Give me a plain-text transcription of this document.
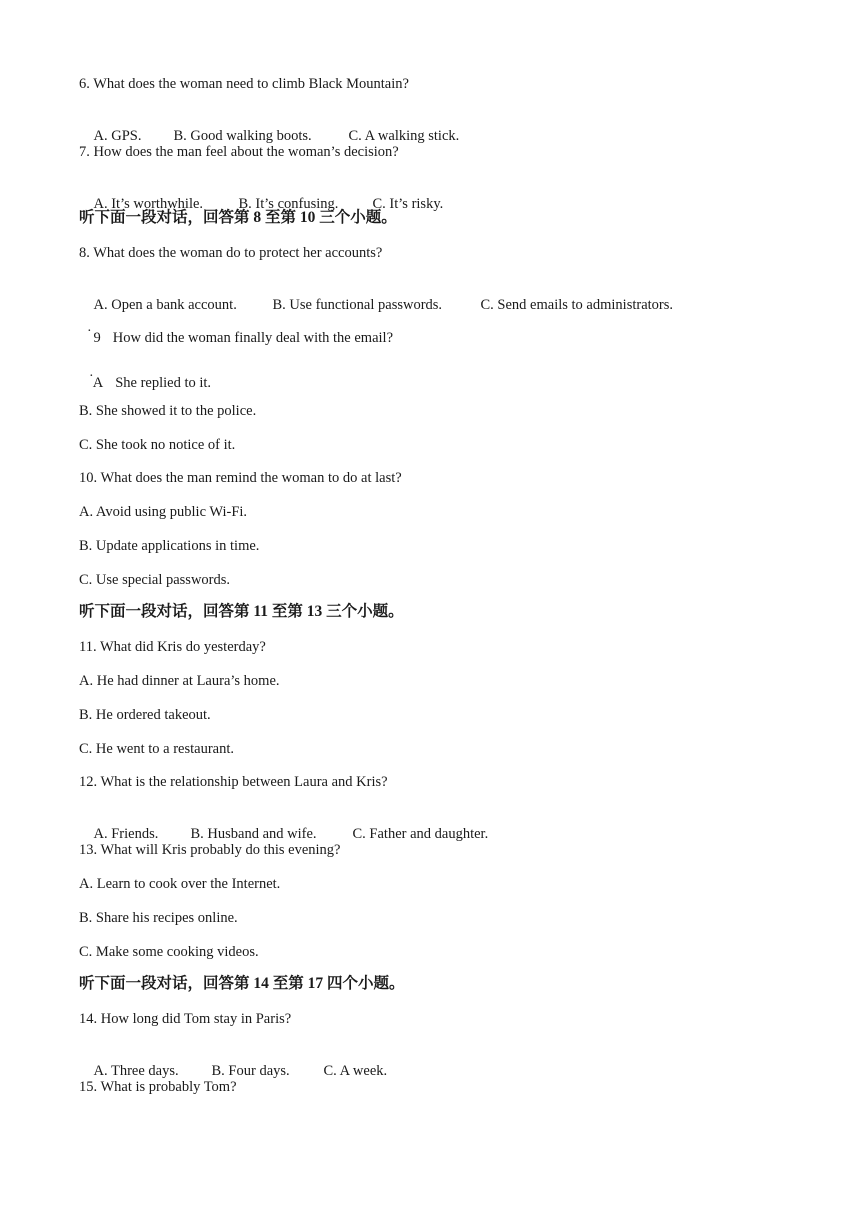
6. What does the woman need to climb Black Mountain?

A. GPS. B. Good walking boots.	C. A walking stick.

7. How does the man feel about the woman’s decision?

A. It’s worthwhile. B. It’s confusing. C. It’s risky.

听下面一段对话，回答第 8 至第 10 三个小题。
8. What does the woman do to protect her accounts?

A. Open a bank account. B. Use functional passwords.	C. Send emails to administrators.

9 How did the woman finally deal with the email?

·

A She replied to it.

·
B. She showed it to the police.
C. She took no notice of it.
10. What does the man remind the woman to do at last?
A. Avoid using public Wi-Fi.
B. Update applications in time.
C. Use special passwords.
听下面一段对话，回答第 11 至第 13 三个小题。
11. What did Kris do yesterday?
A. He had dinner at Laura’s home.
B. He ordered takeout.
C. He went to a restaurant.
12. What is the relationship between Laura and Kris?

A. Friends. B. Husband and wife. C. Father and daughter.

13. What will Kris probably do this evening?
A. Learn to cook over the Internet.
B. Share his recipes online.
C. Make some cooking videos.
听下面一段对话，回答第 14 至第 17 四个小题。
14. How long did Tom stay in Paris?

A. Three days. B. Four days. C. A week.

15. What is probably Tom?
